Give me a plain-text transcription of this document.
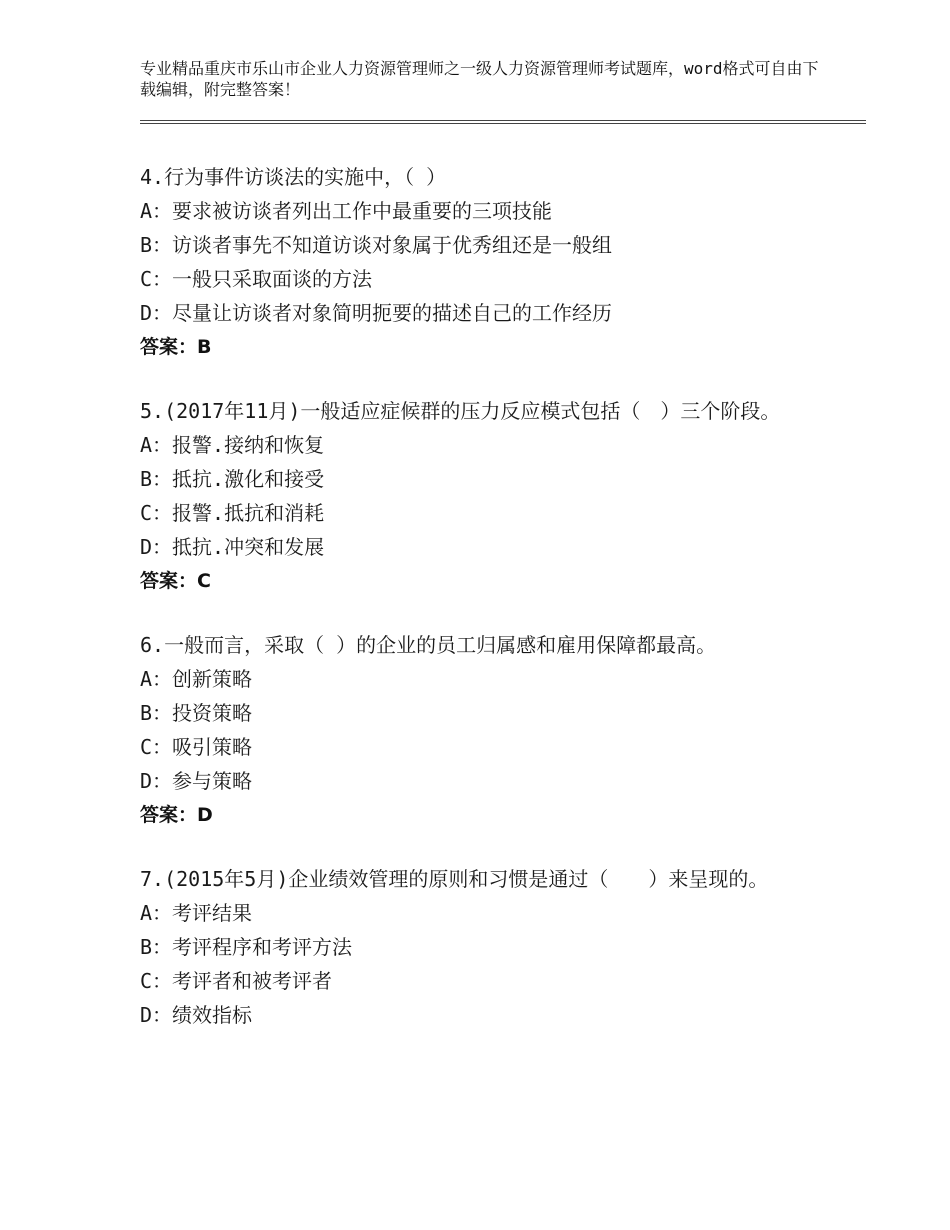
专业精品重庆市乐山市企业人力资源管理师之一级人力资源管理师考试题库，word格式可自由下载编辑，附完整答案！
4.行为事件访谈法的实施中，（ ）
A：要求被访谈者列出工作中最重要的三项技能
B：访谈者事先不知道访谈对象属于优秀组还是一般组
C：一般只采取面谈的方法
D：尽量让访谈者对象简明扼要的描述自己的工作经历
答案：B
5.(2017年11月)一般适应症候群的压力反应模式包括（　）三个阶段。
A：报警.接纳和恢复
B：抵抗.激化和接受
C：报警.抵抗和消耗
D：抵抗.冲突和发展
答案：C
6.一般而言，采取（ ）的企业的员工归属感和雇用保障都最高。
A：创新策略
B：投资策略
C：吸引策略
D：参与策略
答案：D
7.(2015年5月)企业绩效管理的原则和习惯是通过（　　）来呈现的。
A：考评结果
B：考评程序和考评方法
C：考评者和被考评者
D：绩效指标
